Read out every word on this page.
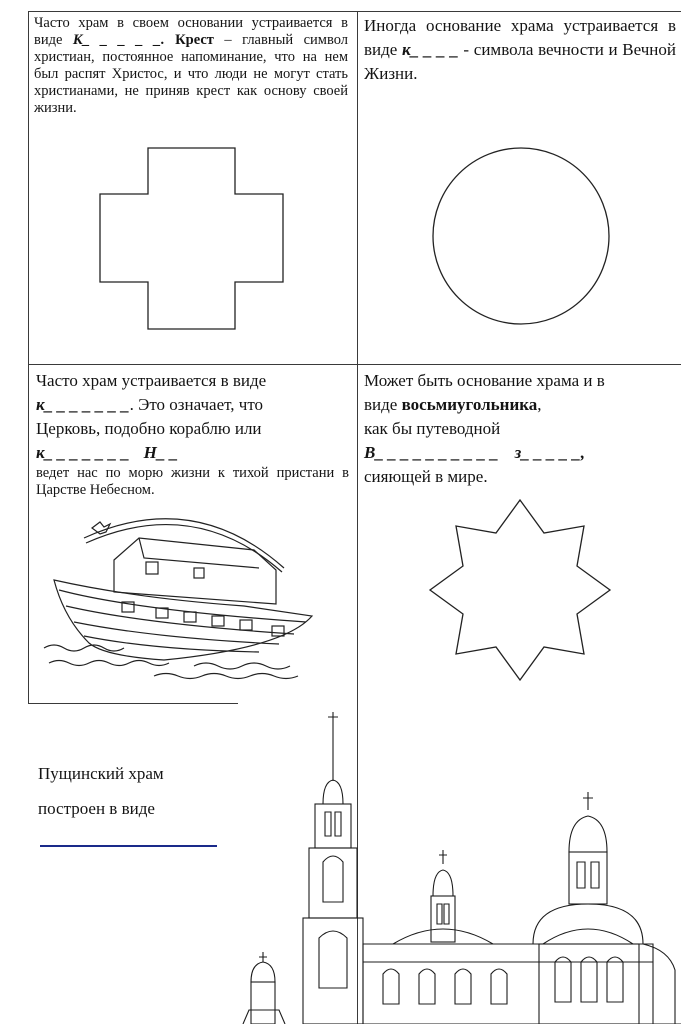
Часто храм в своем основании устраивается в виде К_ _ _ _ _. Крест – главный символ христиан, постоянное напоминание, что на нем был распят Христос, и что люди не могут стать христианами, не приняв крест как основу своей жизни.
Иногда основание храма устраивается в виде к_ _ _ _ - символа вечности и Вечной Жизни.
Часто храм устраивается в виде
к_ _ _ _ _ _ _. Это означает, что
Церковь, подобно кораблю или
к_ _ _ _ _ _ _ Н_ _
ведет нас по морю жизни к тихой пристани в Царстве Небесном.
Может быть основание храма и в
виде восьмиугольника,
как бы путеводной
В_ _ _ _ _ _ _ _ _ _ з_ _ _ _ _,
сияющей в мире.
Пущинский храм
построен в виде
